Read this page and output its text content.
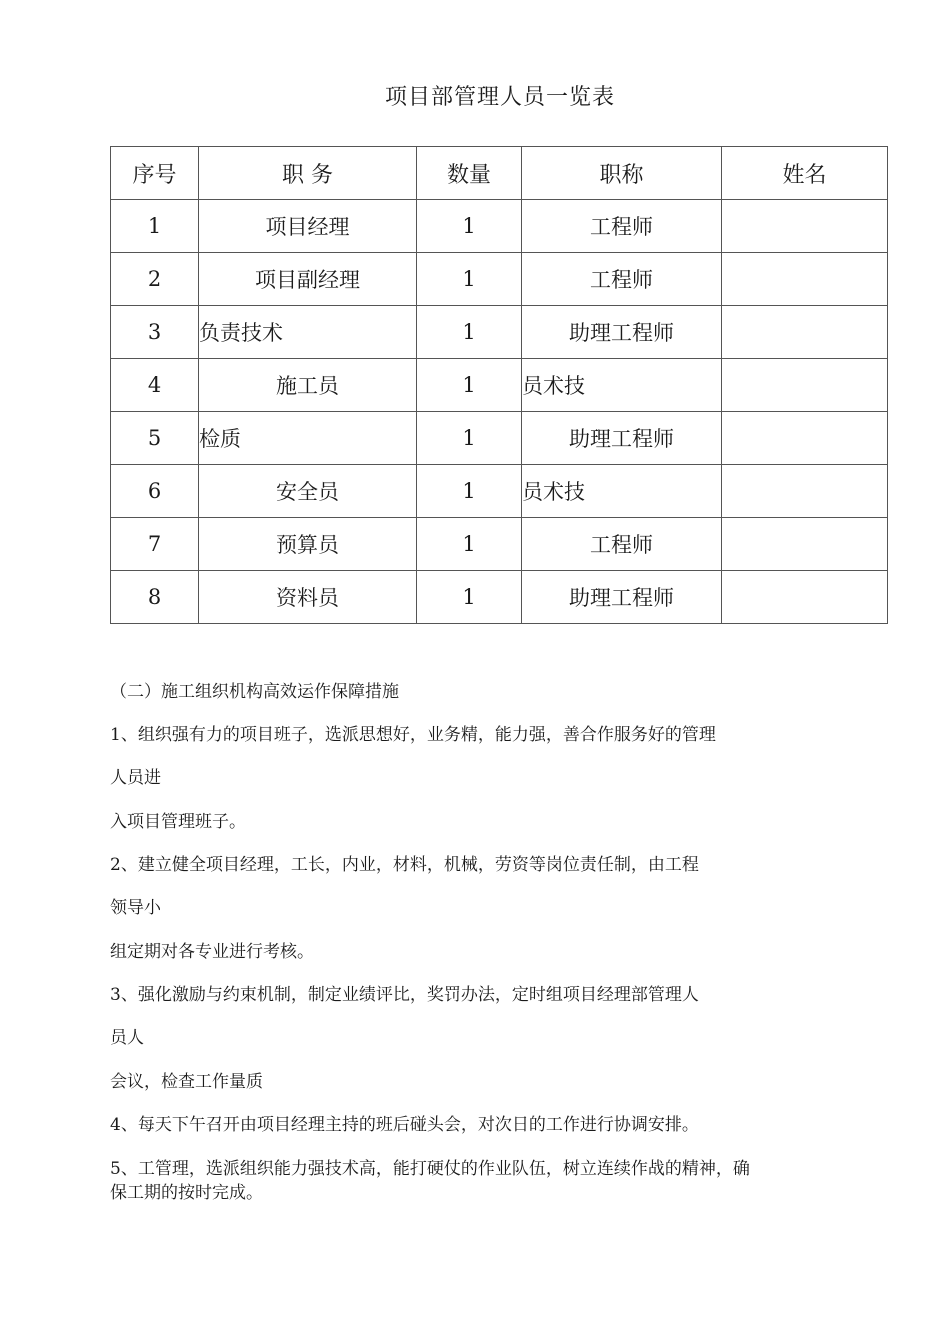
项目部管理人员一览表
序号	职 务	数量	职称	姓名
1	项目经理	1	工程师	
2	项目副经理	1	工程师	
3	负责技术	1	助理工程师	
4	施工员	1	员术技	
5	检质	1	助理工程师	
6	安全员	1	员术技	
7	预算员	1	工程师	
8	资料员	1	助理工程师	
（二）施工组织机构高效运作保障措施
1、组织强有力的项目班子，选派思想好，业务精，能力强，善合作服务好的管理
人员进
入项目管理班子。
2、建立健全项目经理，工长，内业，材料，机械，劳资等岗位责任制，由工程
领导小
组定期对各专业进行考核。
3、强化激励与约束机制，制定业绩评比，奖罚办法，定时组项目经理部管理人
员人
会议，检查工作量质
4、每天下午召开由项目经理主持的班后碰头会，对次日的工作进行协调安排。
5、工管理，选派组织能力强技术高，能打硬仗的作业队伍，树立连续作战的精神，确
保工期的按时完成。
